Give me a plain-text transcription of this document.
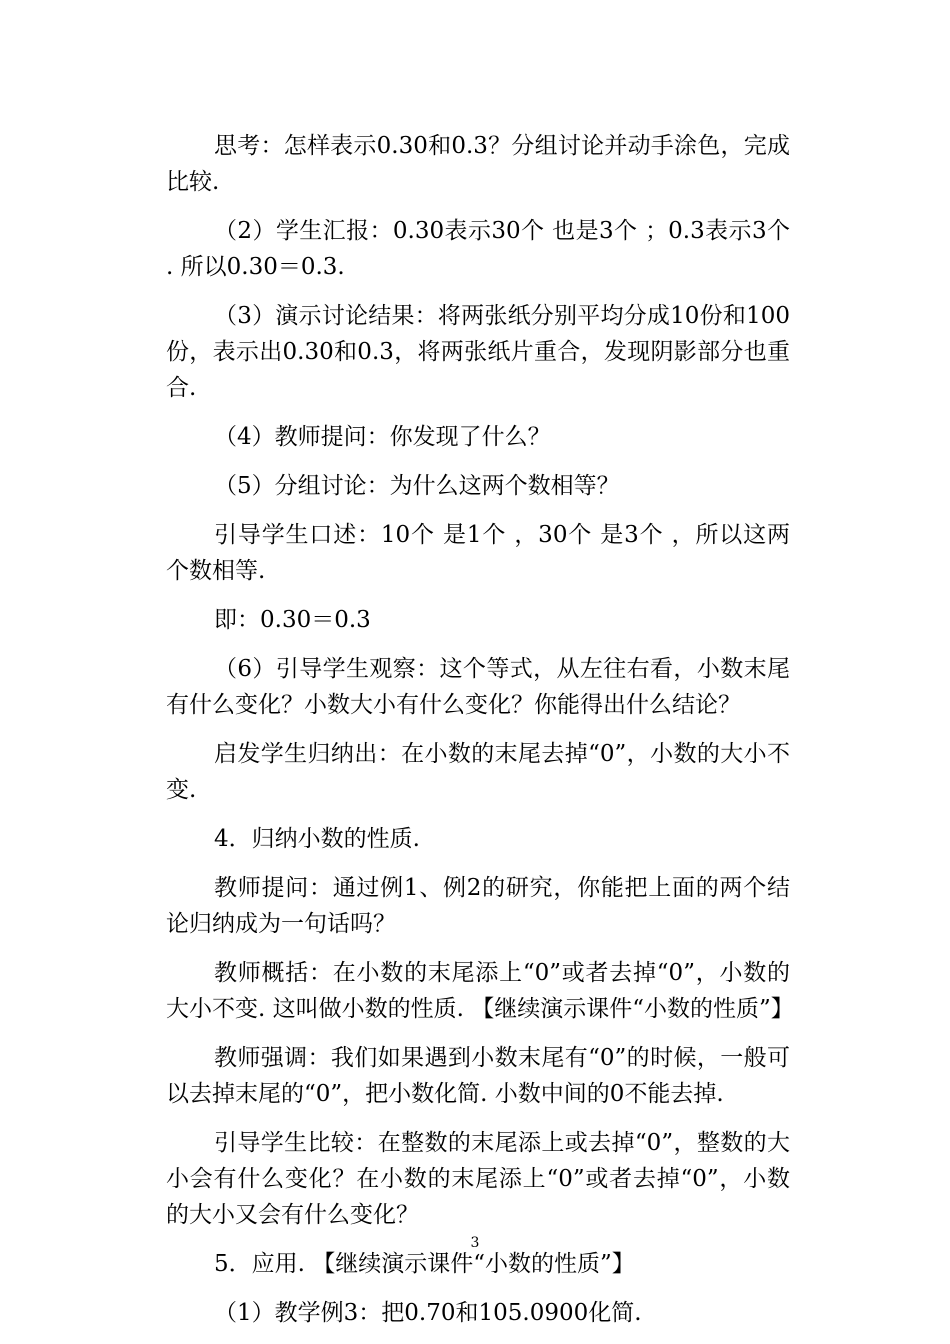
思考：怎样表示0.30和0.3？分组讨论并动手涂色，完成比较.

（2）学生汇报：0.30表示30个 也是3个 ；0.3表示3个 . 所以0.30＝0.3.

（3）演示讨论结果：将两张纸分别平均分成10份和100份，表示出0.30和0.3，将两张纸片重合，发现阴影部分也重合.

（4）教师提问：你发现了什么？

（5）分组讨论：为什么这两个数相等？

引导学生口述：10个 是1个 ，30个 是3个 ，所以这两个数相等.

即：0.30＝0.3

（6）引导学生观察：这个等式，从左往右看，小数末尾有什么变化？小数大小有什么变化？你能得出什么结论？

启发学生归纳出：在小数的末尾去掉“0”，小数的大小不变.

4．归纳小数的性质.

教师提问：通过例1、例2的研究，你能把上面的两个结论归纳成为一句话吗？

教师概括：在小数的末尾添上“0”或者去掉“0”，小数的大小不变. 这叫做小数的性质. 【继续演示课件“小数的性质”】

教师强调：我们如果遇到小数末尾有“0”的时候，一般可以去掉末尾的“0”，把小数化简. 小数中间的0不能去掉.

引导学生比较：在整数的末尾添上或去掉“0”，整数的大小会有什么变化？在小数的末尾添上“0”或者去掉“0”，小数的大小又会有什么变化？

5．应用. 【继续演示课件“小数的性质”】

（1）教学例3：把0.70和105.0900化简.

3
